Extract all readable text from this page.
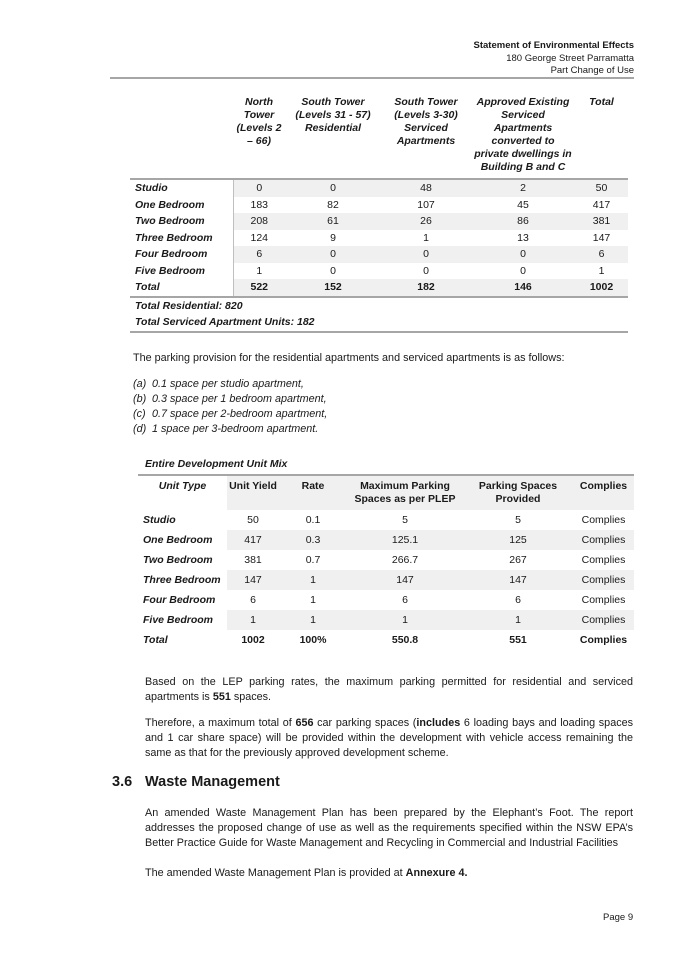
Statement of Environmental Effects
180 George Street Parramatta
Part Change of Use
	North Tower (Levels 2 – 66)	South Tower (Levels 31 - 57) Residential	South Tower (Levels 3-30) Serviced Apartments	Approved Existing Serviced Apartments converted to private dwellings in Building B and C	Total
Studio	0	0	48	2	50
One Bedroom	183	82	107	45	417
Two Bedroom	208	61	26	86	381
Three Bedroom	124	9	1	13	147
Four Bedroom	6	0	0	0	6
Five Bedroom	1	0	0	0	1
Total	522	152	182	146	1002
Total Residential: 820					
Total Serviced Apartment Units: 182					
The parking provision for the residential apartments and serviced apartments is as follows:
(a) 0.1 space per studio apartment,
(b) 0.3 space per 1 bedroom apartment,
(c) 0.7 space per 2-bedroom apartment,
(d) 1 space per 3-bedroom apartment.
Entire Development Unit Mix
Unit Type	Unit Yield	Rate	Maximum Parking Spaces as per PLEP	Parking Spaces Provided	Complies
Studio	50	0.1	5	5	Complies
One Bedroom	417	0.3	125.1	125	Complies
Two Bedroom	381	0.7	266.7	267	Complies
Three Bedroom	147	1	147	147	Complies
Four Bedroom	6	1	6	6	Complies
Five Bedroom	1	1	1	1	Complies
Total	1002	100%	550.8	551	Complies
Based on the LEP parking rates, the maximum parking permitted for residential and serviced apartments is 551 spaces.
Therefore, a maximum total of 656 car parking spaces (includes 6 loading bays and loading spaces and 1 car share space) will be provided within the development with vehicle access remaining the same as that for the previously approved development scheme.
3.6 Waste Management
An amended Waste Management Plan has been prepared by the Elephant’s Foot. The report addresses the proposed change of use as well as the requirements specified within the NSW EPA’s Better Practice Guide for Waste Management and Recycling in Commercial and Industrial Facilities
The amended Waste Management Plan is provided at Annexure 4.
Page 9
